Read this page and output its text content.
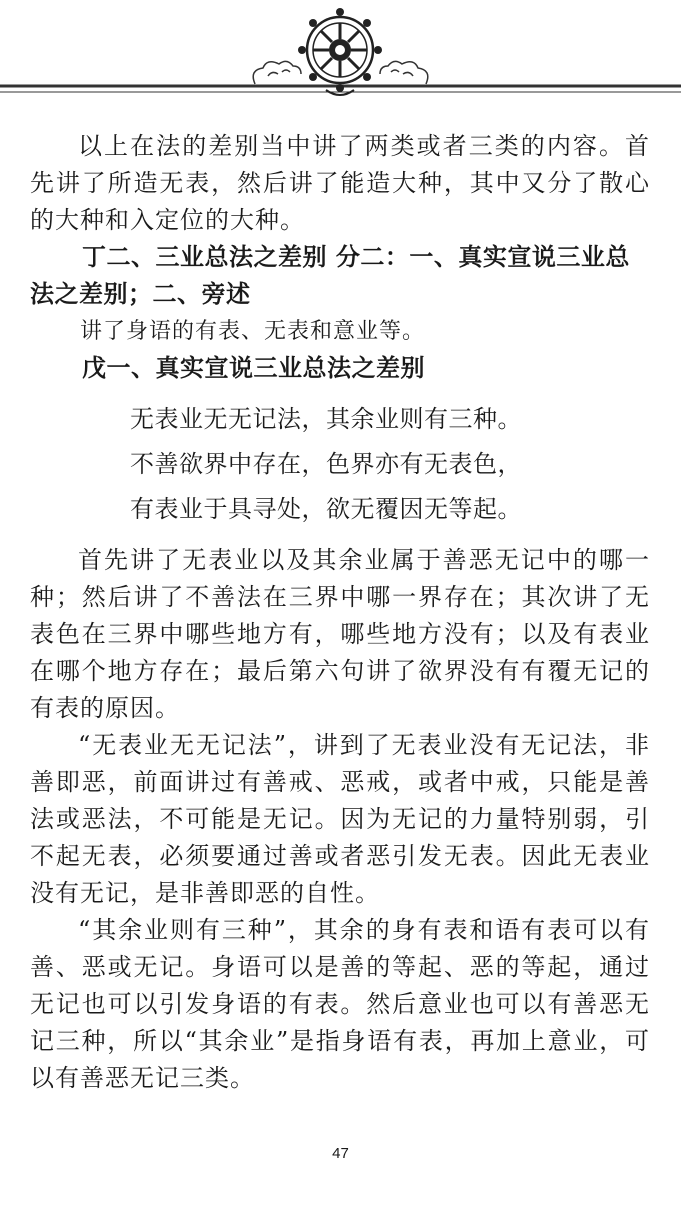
以上在法的差别当中讲了两类或者三类的内容。首先讲了所造无表，然后讲了能造大种，其中又分了散心的大种和入定位的大种。

丁二、三业总法之差别 分二：一、真实宣说三业总法之差别；二、旁述

讲了身语的有表、无表和意业等。

戊一、真实宣说三业总法之差别

无表业无无记法，其余业则有三种。

不善欲界中存在，色界亦有无表色，

有表业于具寻处，欲无覆因无等起。

首先讲了无表业以及其余业属于善恶无记中的哪一种；然后讲了不善法在三界中哪一界存在；其次讲了无表色在三界中哪些地方有，哪些地方没有；以及有表业在哪个地方存在；最后第六句讲了欲界没有有覆无记的有表的原因。

“无表业无无记法”，讲到了无表业没有无记法，非善即恶，前面讲过有善戒、恶戒，或者中戒，只能是善法或恶法，不可能是无记。因为无记的力量特别弱，引不起无表，必须要通过善或者恶引发无表。因此无表业没有无记，是非善即恶的自性。

“其余业则有三种”，其余的身有表和语有表可以有善、恶或无记。身语可以是善的等起、恶的等起，通过无记也可以引发身语的有表。然后意业也可以有善恶无记三种，所以“其余业”是指身语有表，再加上意业，可以有善恶无记三类。

47
